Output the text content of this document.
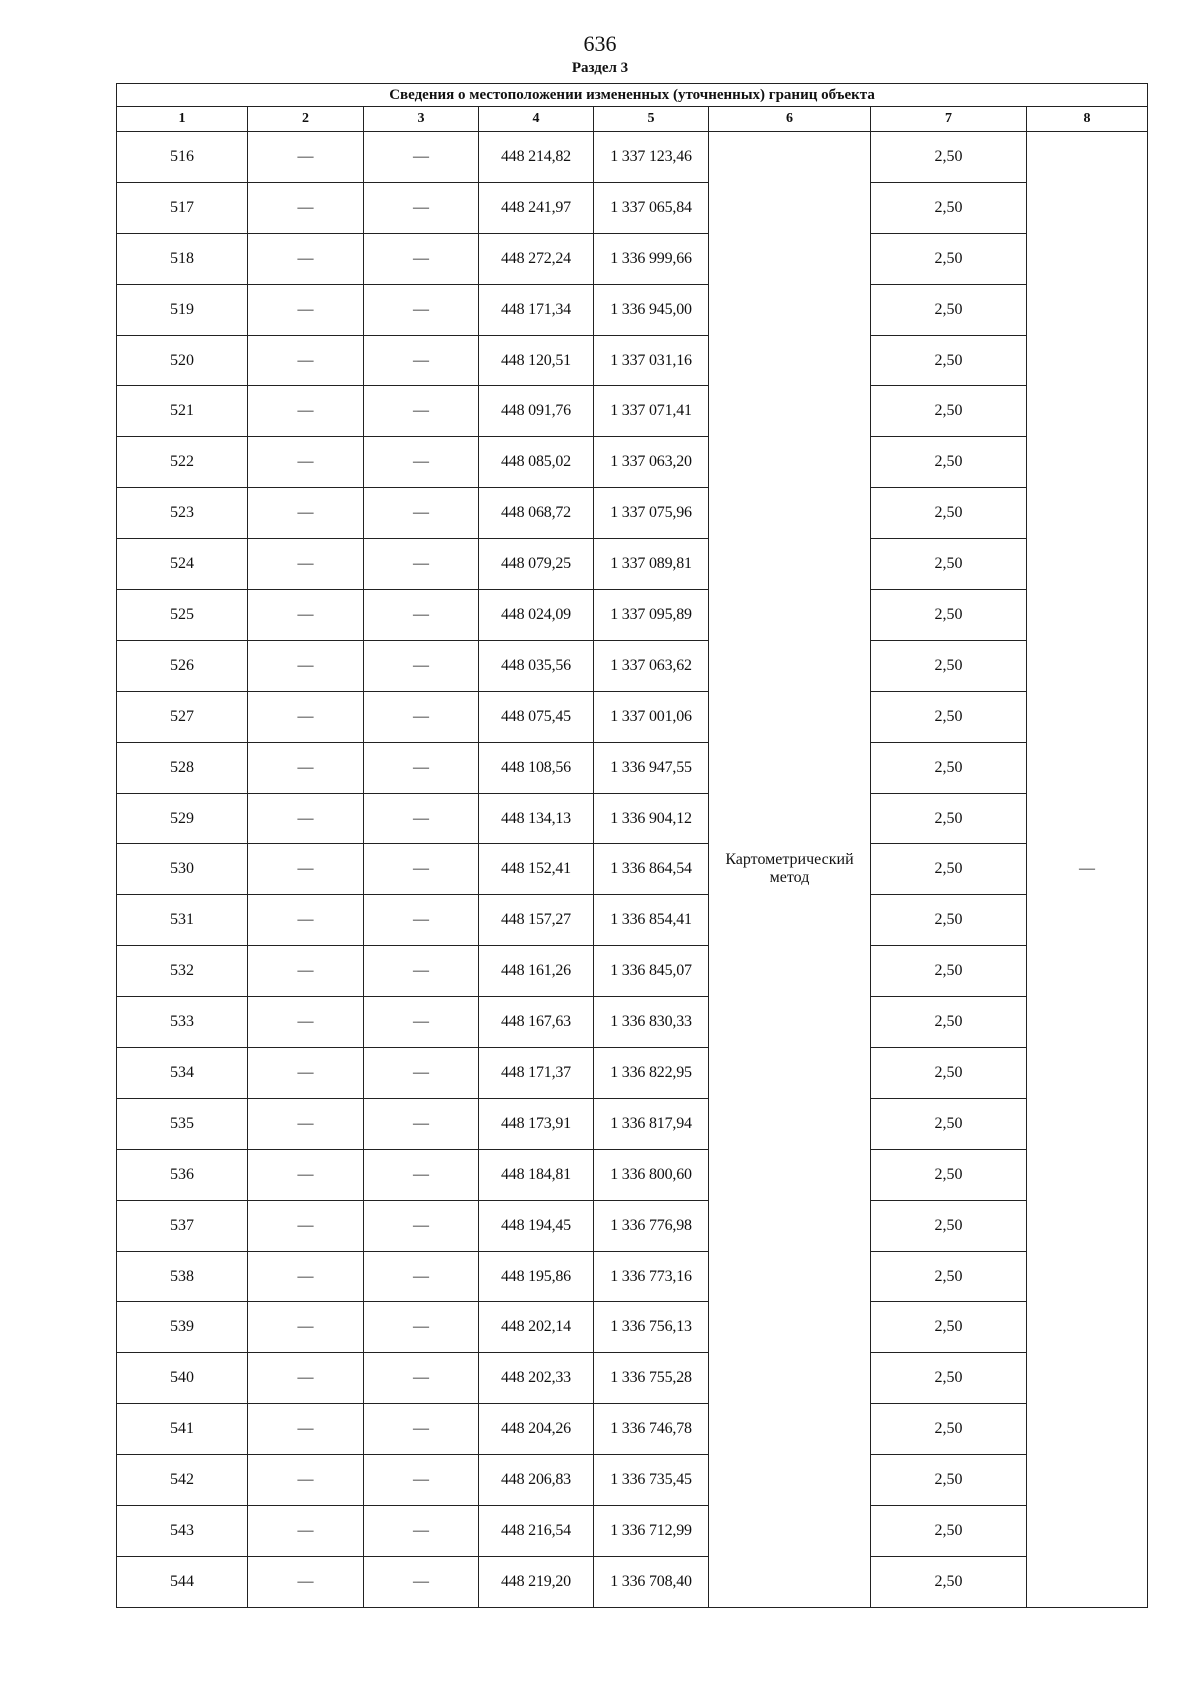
636
Раздел 3
Сведения о местоположении измененных (уточненных) границ объекта							
1	2	3	4	5	6	7	8
516	—	—	448 214,82	1 337 123,46	Картометрический метод	2,50	—
517	—	—	448 241,97	1 337 065,84		2,50	
518	—	—	448 272,24	1 336 999,66		2,50	
519	—	—	448 171,34	1 336 945,00		2,50	
520	—	—	448 120,51	1 337 031,16		2,50	
521	—	—	448 091,76	1 337 071,41		2,50	
522	—	—	448 085,02	1 337 063,20		2,50	
523	—	—	448 068,72	1 337 075,96		2,50	
524	—	—	448 079,25	1 337 089,81		2,50	
525	—	—	448 024,09	1 337 095,89		2,50	
526	—	—	448 035,56	1 337 063,62		2,50	
527	—	—	448 075,45	1 337 001,06		2,50	
528	—	—	448 108,56	1 336 947,55		2,50	
529	—	—	448 134,13	1 336 904,12		2,50	
530	—	—	448 152,41	1 336 864,54		2,50	
531	—	—	448 157,27	1 336 854,41		2,50	
532	—	—	448 161,26	1 336 845,07		2,50	
533	—	—	448 167,63	1 336 830,33		2,50	
534	—	—	448 171,37	1 336 822,95		2,50	
535	—	—	448 173,91	1 336 817,94		2,50	
536	—	—	448 184,81	1 336 800,60		2,50	
537	—	—	448 194,45	1 336 776,98		2,50	
538	—	—	448 195,86	1 336 773,16		2,50	
539	—	—	448 202,14	1 336 756,13		2,50	
540	—	—	448 202,33	1 336 755,28		2,50	
541	—	—	448 204,26	1 336 746,78		2,50	
542	—	—	448 206,83	1 336 735,45		2,50	
543	—	—	448 216,54	1 336 712,99		2,50	
544	—	—	448 219,20	1 336 708,40		2,50	
